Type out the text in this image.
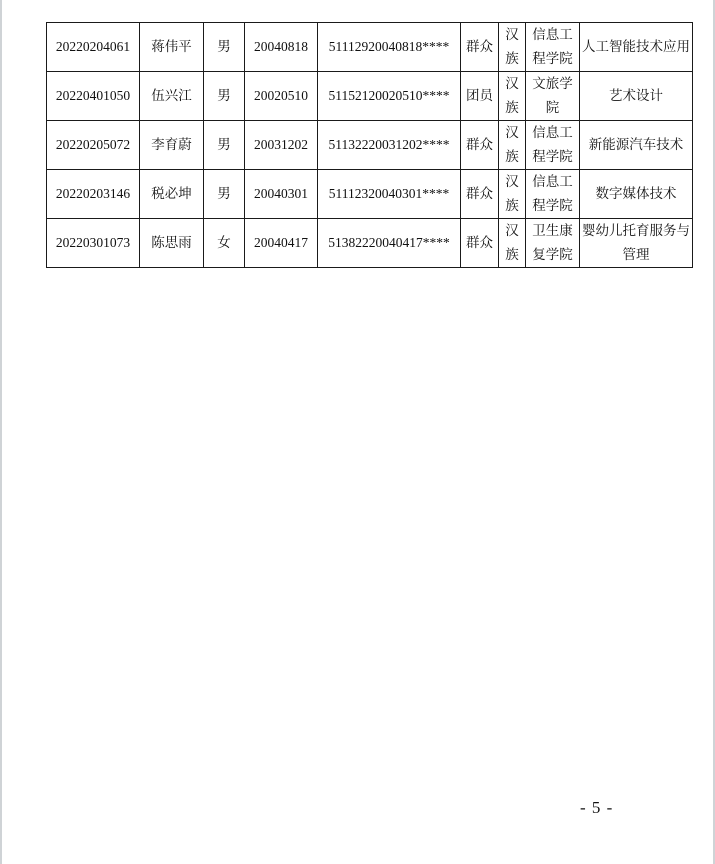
20220204061	蒋伟平	男	20040818	51112920040818****	群众	汉族	信息工程学院	人工智能技术应用
20220401050	伍兴江	男	20020510	51152120020510****	团员	汉族	文旅学院	艺术设计
20220205072	李育蔚	男	20031202	51132220031202****	群众	汉族	信息工程学院	新能源汽车技术
20220203146	税必坤	男	20040301	51112320040301****	群众	汉族	信息工程学院	数字媒体技术
20220301073	陈思雨	女	20040417	51382220040417****	群众	汉族	卫生康复学院	婴幼儿托育服务与管理
- 5 -
